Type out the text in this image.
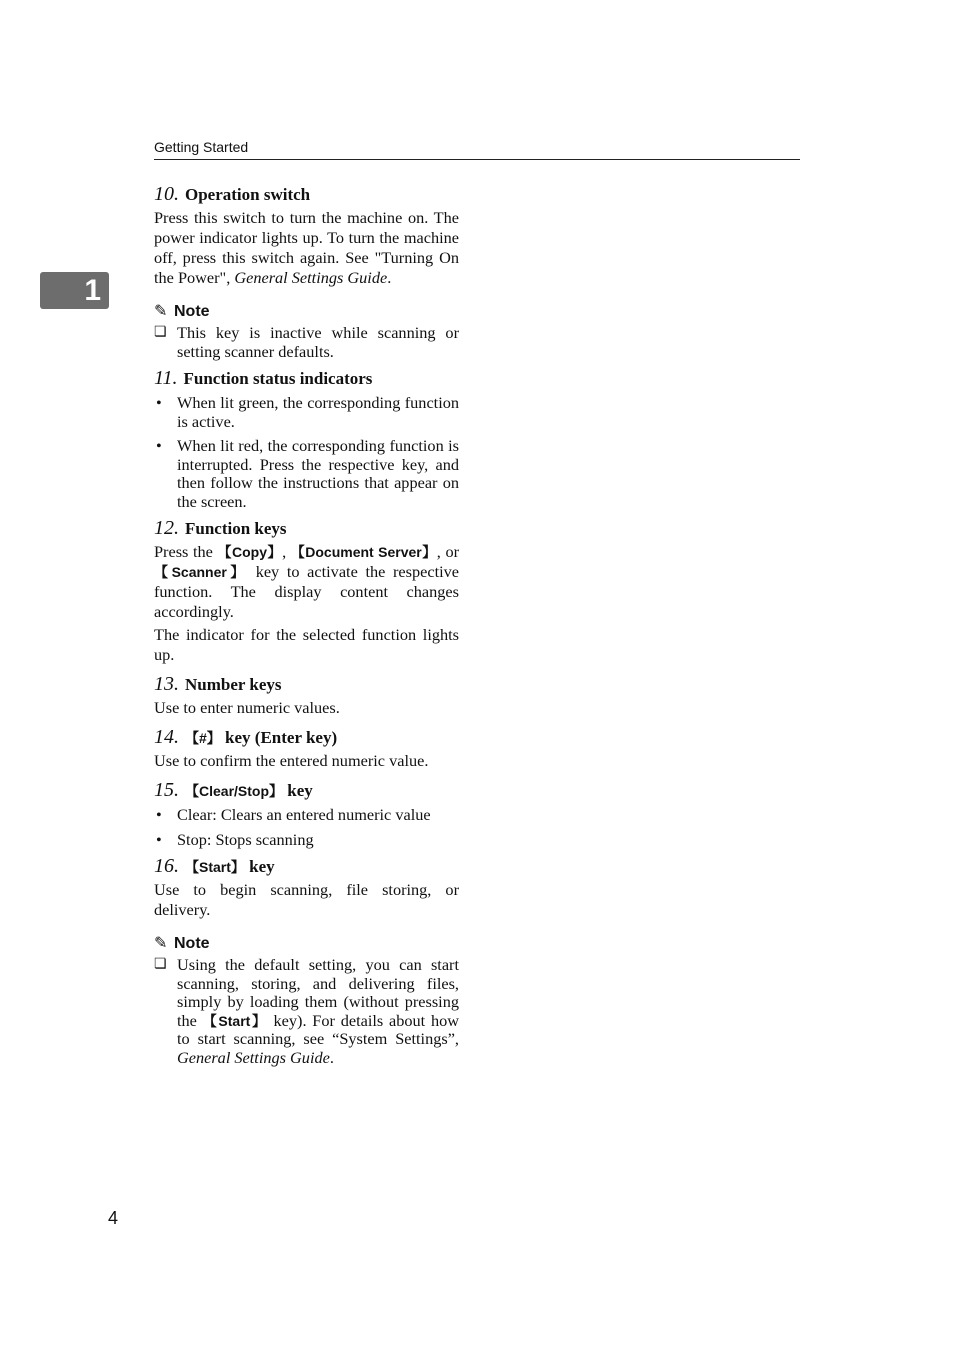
Getting Started
1
10. Operation switch

Press this switch to turn the machine on. The power indicator lights up. To turn the machine off, press this switch again. See "Turning On the Power", General Settings Guide.

✎ Note
❏ This key is inactive while scanning or setting scanner defaults.
11. Function status indicators
• When lit green, the corresponding function is active.
• When lit red, the corresponding function is interrupted. Press the respective key, and then follow the instructions that appear on the screen.
12. Function keys

Press the 【Copy】, 【Document Server】, or 【Scanner】 key to activate the respective function. The display content changes accordingly.

The indicator for the selected function lights up.

13. Number keys

Use to enter numeric values.

14. 【#】 key (Enter key)

Use to confirm the entered numeric value.

15. 【Clear/Stop】 key
• Clear: Clears an entered numeric value
• Stop: Stops scanning
16. 【Start】 key

Use to begin scanning, file storing, or delivery.

✎ Note
❏ Using the default setting, you can start scanning, storing, and delivering files, simply by loading them (without pressing the 【Start】 key). For details about how to start scanning, see “System Settings”, General Settings Guide.
4
